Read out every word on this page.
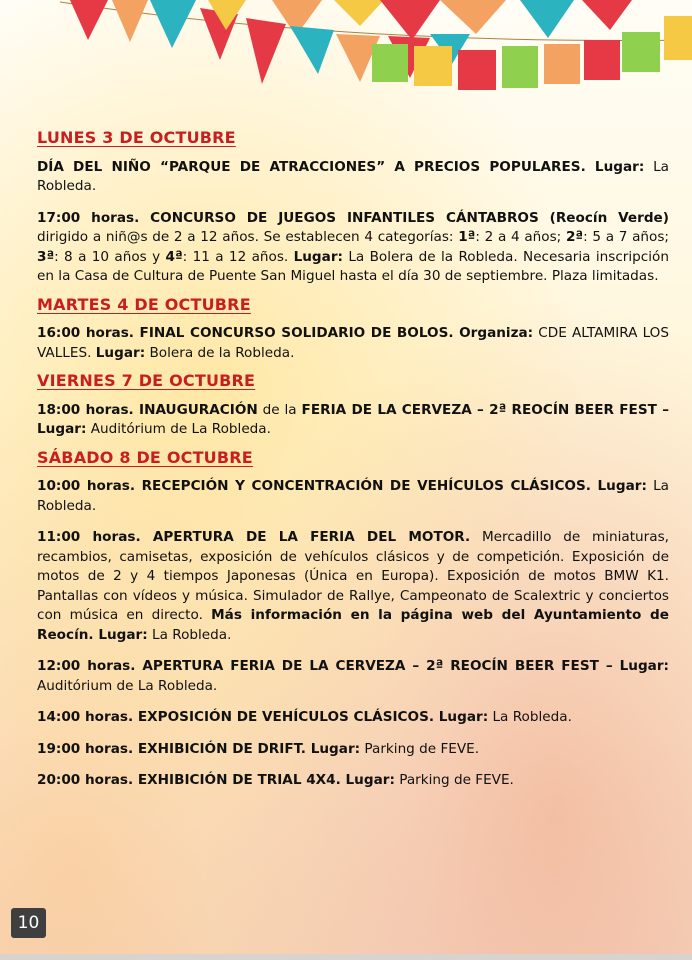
LUNES 3 DE OCTUBRE

DÍA DEL NIÑO “PARQUE DE ATRACCIONES” A PRECIOS POPULARES. Lugar: La Robleda.

17:00 horas. CONCURSO DE JUEGOS INFANTILES CÁNTABROS (Reocín Verde) dirigido a niñ@s de 2 a 12 años. Se establecen 4 categorías: 1ª: 2 a 4 años; 2ª: 5 a 7 años; 3ª: 8 a 10 años y 4ª: 11 a 12 años. Lugar: La Bolera de la Robleda. Necesaria inscripción en la Casa de Cultura de Puente San Miguel hasta el día 30 de septiembre. Plaza limitadas.

MARTES 4 DE OCTUBRE

16:00 horas. FINAL CONCURSO SOLIDARIO DE BOLOS. Organiza: CDE ALTAMIRA LOS VALLES. Lugar: Bolera de la Robleda.

VIERNES 7 DE OCTUBRE

18:00 horas. INAUGURACIÓN de la FERIA DE LA CERVEZA – 2ª REOCÍN BEER FEST – Lugar: Auditórium de La Robleda.

SÁBADO 8 DE OCTUBRE

10:00 horas. RECEPCIÓN Y CONCENTRACIÓN DE VEHÍCULOS CLÁSICOS. Lugar: La Robleda.

11:00 horas. APERTURA DE LA FERIA DEL MOTOR. Mercadillo de miniaturas, recambios, camisetas, exposición de vehículos clásicos y de competición. Exposición de motos de 2 y 4 tiempos Japonesas (Única en Europa). Exposición de motos BMW K1. Pantallas con vídeos y música. Simulador de Rallye, Campeonato de Scalextric y conciertos con música en directo. Más información en la página web del Ayuntamiento de Reocín. Lugar: La Robleda.

12:00 horas. APERTURA FERIA DE LA CERVEZA – 2ª REOCÍN BEER FEST – Lugar: Auditórium de La Robleda.

14:00 horas. EXPOSICIÓN DE VEHÍCULOS CLÁSICOS. Lugar: La Robleda.

19:00 horas. EXHIBICIÓN DE DRIFT. Lugar: Parking de FEVE.

20:00 horas. EXHIBICIÓN DE TRIAL 4X4. Lugar: Parking de FEVE.

10
